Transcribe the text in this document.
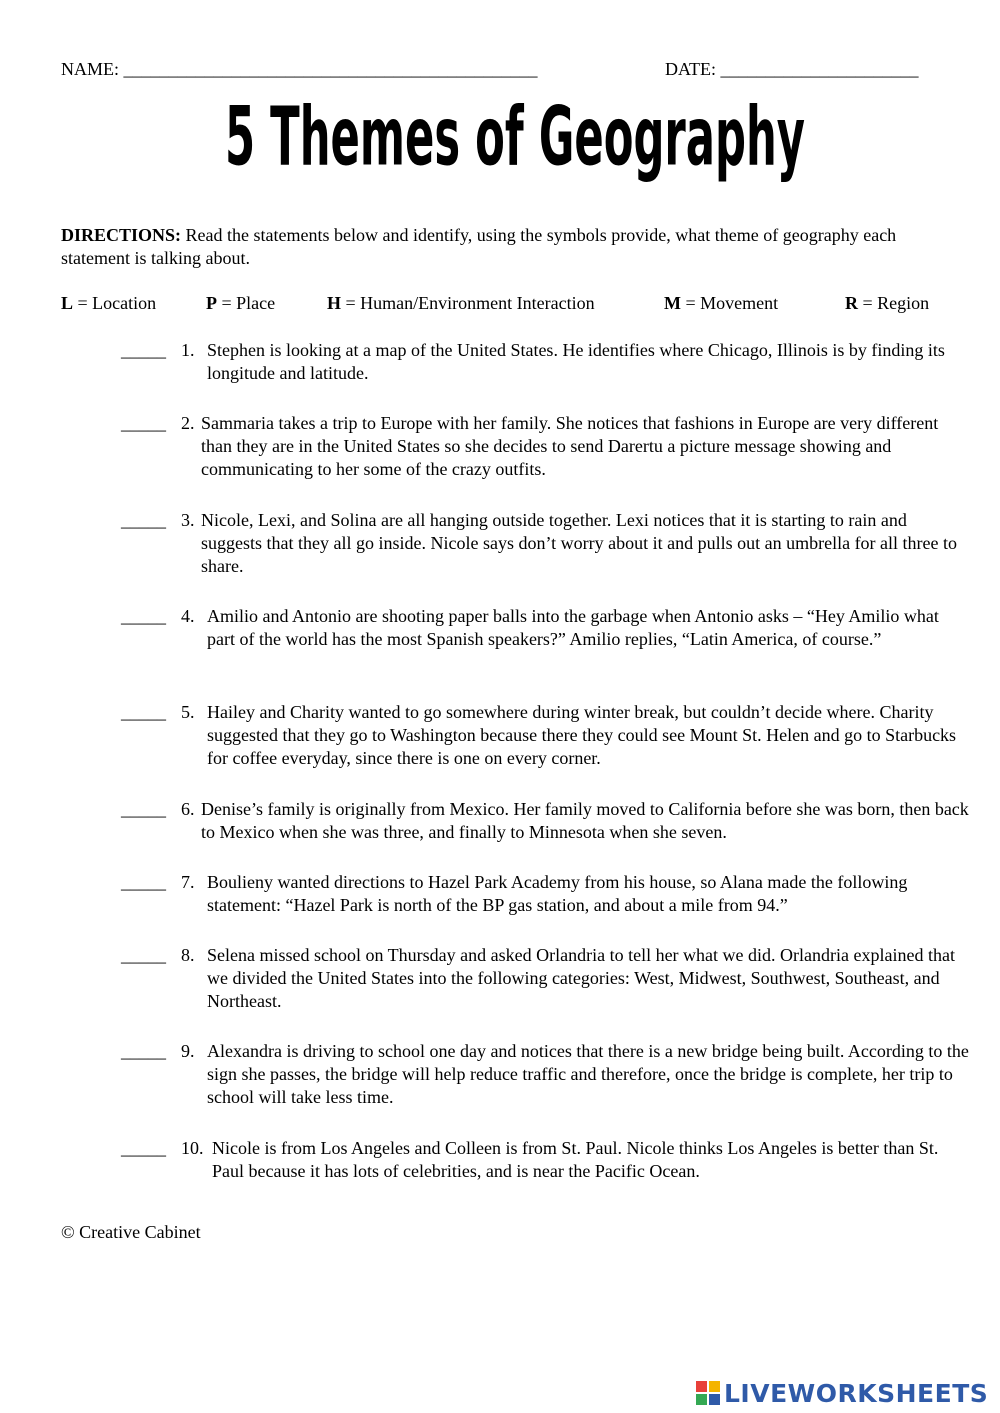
NAME: ______________________________________________	DATE: ______________________
5 Themes of Geography
DIRECTIONS: Read the statements below and identify, using the symbols provide, what theme of geography each statement is talking about.
L = Location	P = Place	H = Human/Environment Interaction	M = Movement	R = Region
_____ 1. Stephen is looking at a map of the United States. He identifies where Chicago, Illinois is by finding its longitude and latitude.
_____ 2. Sammaria takes a trip to Europe with her family. She notices that fashions in Europe are very different than they are in the United States so she decides to send Darertu a picture message showing and communicating to her some of the crazy outfits.
_____ 3. Nicole, Lexi, and Solina are all hanging outside together. Lexi notices that it is starting to rain and suggests that they all go inside. Nicole says don’t worry about it and pulls out an umbrella for all three to share.
_____ 4. Amilio and Antonio are shooting paper balls into the garbage when Antonio asks – “Hey Amilio what part of the world has the most Spanish speakers?” Amilio replies, “Latin America, of course.”
_____ 5. Hailey and Charity wanted to go somewhere during winter break, but couldn’t decide where. Charity suggested that they go to Washington because there they could see Mount St. Helen and go to Starbucks for coffee everyday, since there is one on every corner.
_____ 6. Denise’s family is originally from Mexico. Her family moved to California before she was born, then back to Mexico when she was three, and finally to Minnesota when she seven.
_____ 7. Boulieny wanted directions to Hazel Park Academy from his house, so Alana made the following statement: “Hazel Park is north of the BP gas station, and about a mile from 94.”
_____ 8. Selena missed school on Thursday and asked Orlandria to tell her what we did. Orlandria explained that we divided the United States into the following categories: West, Midwest, Southwest, Southeast, and Northeast.
_____ 9. Alexandra is driving to school one day and notices that there is a new bridge being built. According to the sign she passes, the bridge will help reduce traffic and therefore, once the bridge is complete, her trip to school will take less time.
_____ 10. Nicole is from Los Angeles and Colleen is from St. Paul. Nicole thinks Los Angeles is better than St. Paul because it has lots of celebrities, and is near the Pacific Ocean.
© Creative Cabinet
LIVEWORKSHEETS
